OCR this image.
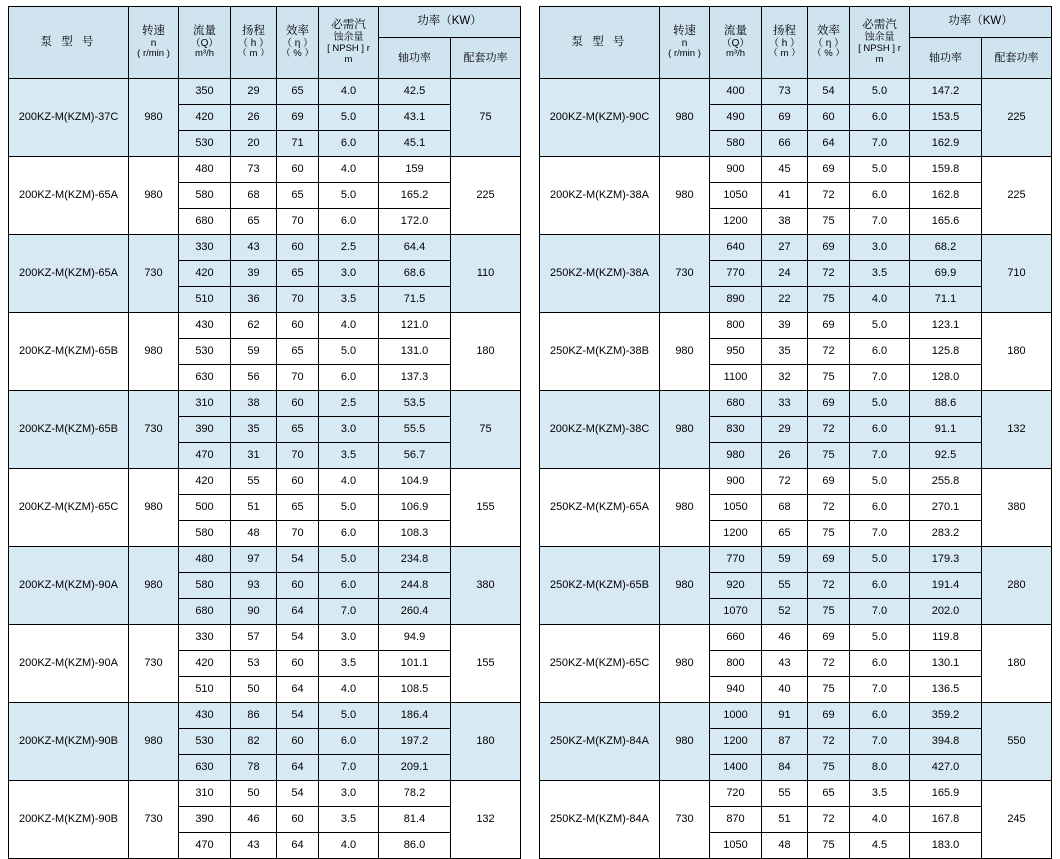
泵 型 号	转速
n
( r/min )	流量
（Q）
m³/h	扬程
（ h ）
（ m ）	效率
（ η ）
（ % ）	必需汽
蚀余量
[ NPSH ] r
m	功率（KW）	
						轴功率	配套功率
200KZ-M(KZM)-37C	980	350	29	65	4.0	42.5	75
		420	26	69	5.0	43.1	
		530	20	71	6.0	45.1	
200KZ-M(KZM)-65A	980	480	73	60	4.0	159	225
		580	68	65	5.0	165.2	
		680	65	70	6.0	172.0	
200KZ-M(KZM)-65A	730	330	43	60	2.5	64.4	110
		420	39	65	3.0	68.6	
		510	36	70	3.5	71.5	
200KZ-M(KZM)-65B	980	430	62	60	4.0	121.0	180
		530	59	65	5.0	131.0	
		630	56	70	6.0	137.3	
200KZ-M(KZM)-65B	730	310	38	60	2.5	53.5	75
		390	35	65	3.0	55.5	
		470	31	70	3.5	56.7	
200KZ-M(KZM)-65C	980	420	55	60	4.0	104.9	155
		500	51	65	5.0	106.9	
		580	48	70	6.0	108.3	
200KZ-M(KZM)-90A	980	480	97	54	5.0	234.8	380
		580	93	60	6.0	244.8	
		680	90	64	7.0	260.4	
200KZ-M(KZM)-90A	730	330	57	54	3.0	94.9	155
		420	53	60	3.5	101.1	
		510	50	64	4.0	108.5	
200KZ-M(KZM)-90B	980	430	86	54	5.0	186.4	180
		530	82	60	6.0	197.2	
		630	78	64	7.0	209.1	
200KZ-M(KZM)-90B	730	310	50	54	3.0	78.2	132
		390	46	60	3.5	81.4	
		470	43	64	4.0	86.0	
泵 型 号	转速
n
( r/min )	流量
（Q）
m³/h	扬程
（ h ）
（ m ）	效率
（ η ）
（ % ）	必需汽
蚀余量
[ NPSH ] r
m	功率（KW）	
						轴功率	配套功率
200KZ-M(KZM)-90C	980	400	73	54	5.0	147.2	225
		490	69	60	6.0	153.5	
		580	66	64	7.0	162.9	
200KZ-M(KZM)-38A	980	900	45	69	5.0	159.8	225
		1050	41	72	6.0	162.8	
		1200	38	75	7.0	165.6	
250KZ-M(KZM)-38A	730	640	27	69	3.0	68.2	710
		770	24	72	3.5	69.9	
		890	22	75	4.0	71.1	
250KZ-M(KZM)-38B	980	800	39	69	5.0	123.1	180
		950	35	72	6.0	125.8	
		1100	32	75	7.0	128.0	
200KZ-M(KZM)-38C	980	680	33	69	5.0	88.6	132
		830	29	72	6.0	91.1	
		980	26	75	7.0	92.5	
250KZ-M(KZM)-65A	980	900	72	69	5.0	255.8	380
		1050	68	72	6.0	270.1	
		1200	65	75	7.0	283.2	
250KZ-M(KZM)-65B	980	770	59	69	5.0	179.3	280
		920	55	72	6.0	191.4	
		1070	52	75	7.0	202.0	
250KZ-M(KZM)-65C	980	660	46	69	5.0	119.8	180
		800	43	72	6.0	130.1	
		940	40	75	7.0	136.5	
250KZ-M(KZM)-84A	980	1000	91	69	6.0	359.2	550
		1200	87	72	7.0	394.8	
		1400	84	75	8.0	427.0	
250KZ-M(KZM)-84A	730	720	55	65	3.5	165.9	245
		870	51	72	4.0	167.8	
		1050	48	75	4.5	183.0	
